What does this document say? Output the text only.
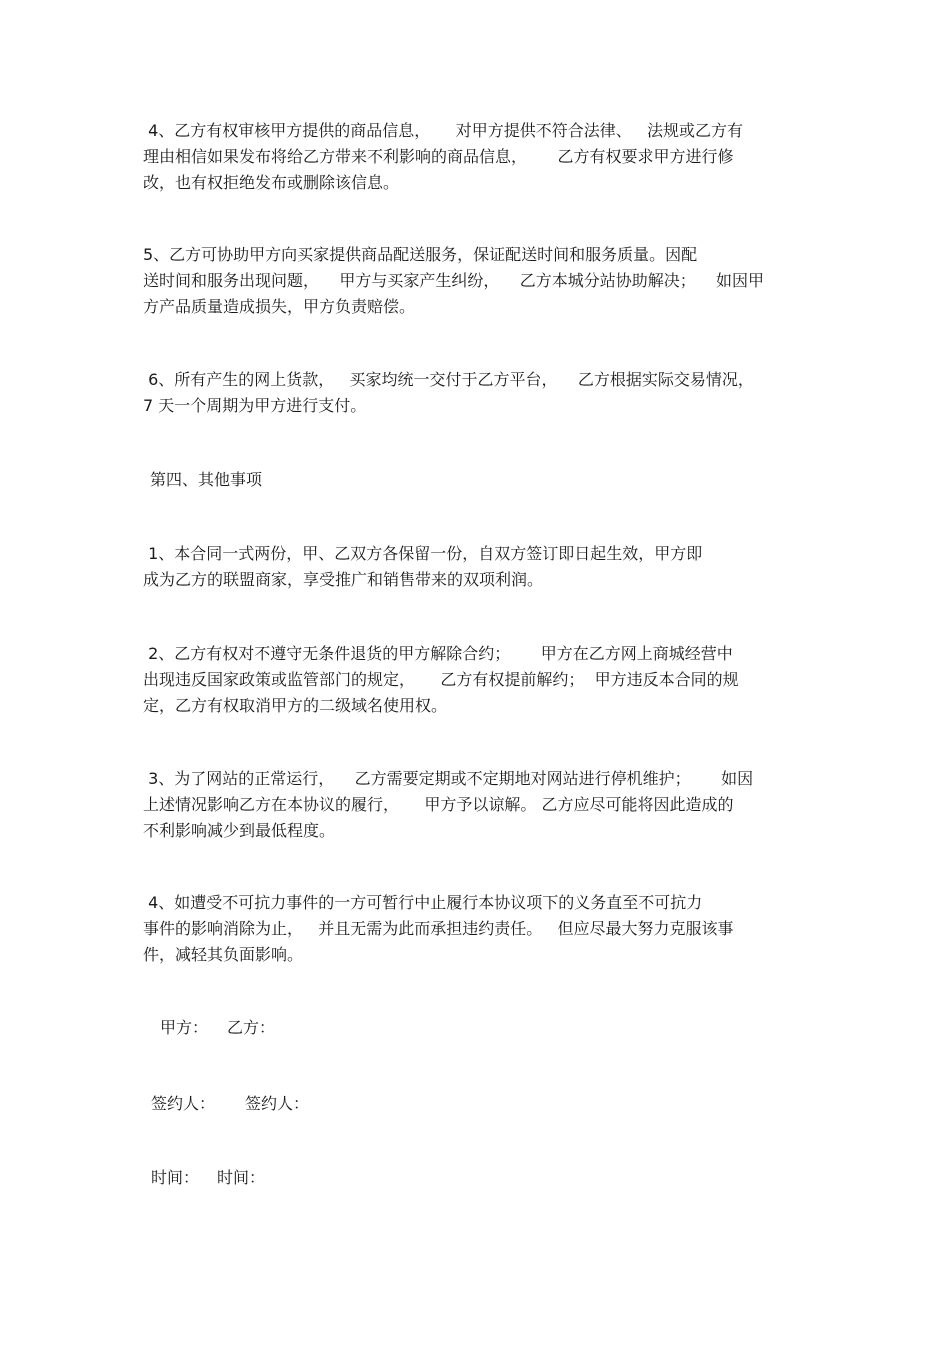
4、乙方有权审核甲方提供的商品信息，     对甲方提供不符合法律、   法规或乙方有
理由相信如果发布将给乙方带来不利影响的商品信息，      乙方有权要求甲方进行修
改，也有权拒绝发布或删除该信息。
5、乙方可协助甲方向买家提供商品配送服务，保证配送时间和服务质量。因配
送时间和服务出现问题，    甲方与买家产生纠纷，    乙方本城分站协助解决；    如因甲
方产品质量造成损失，甲方负责赔偿。
6、所有产生的网上货款，   买家均统一交付于乙方平台，    乙方根据实际交易情况，
7 天一个周期为甲方进行支付。
第四、其他事项
1、本合同一式两份，甲、乙双方各保留一份，自双方签订即日起生效，甲方即
成为乙方的联盟商家，享受推广和销售带来的双项利润。
2、乙方有权对不遵守无条件退货的甲方解除合约；      甲方在乙方网上商城经营中
出现违反国家政策或监管部门的规定，     乙方有权提前解约；  甲方违反本合同的规
定，乙方有权取消甲方的二级域名使用权。
3、为了网站的正常运行，    乙方需要定期或不定期地对网站进行停机维护；      如因
上述情况影响乙方在本协议的履行，     甲方予以谅解。 乙方应尽可能将因此造成的
不利影响减少到最低程度。
4、如遭受不可抗力事件的一方可暂行中止履行本协议项下的义务直至不可抗力
事件的影响消除为止，   并且无需为此而承担违约责任。   但应尽最大努力克服该事
件，减轻其负面影响。
甲方： 乙方：
签约人： 签约人：
时间： 时间：
